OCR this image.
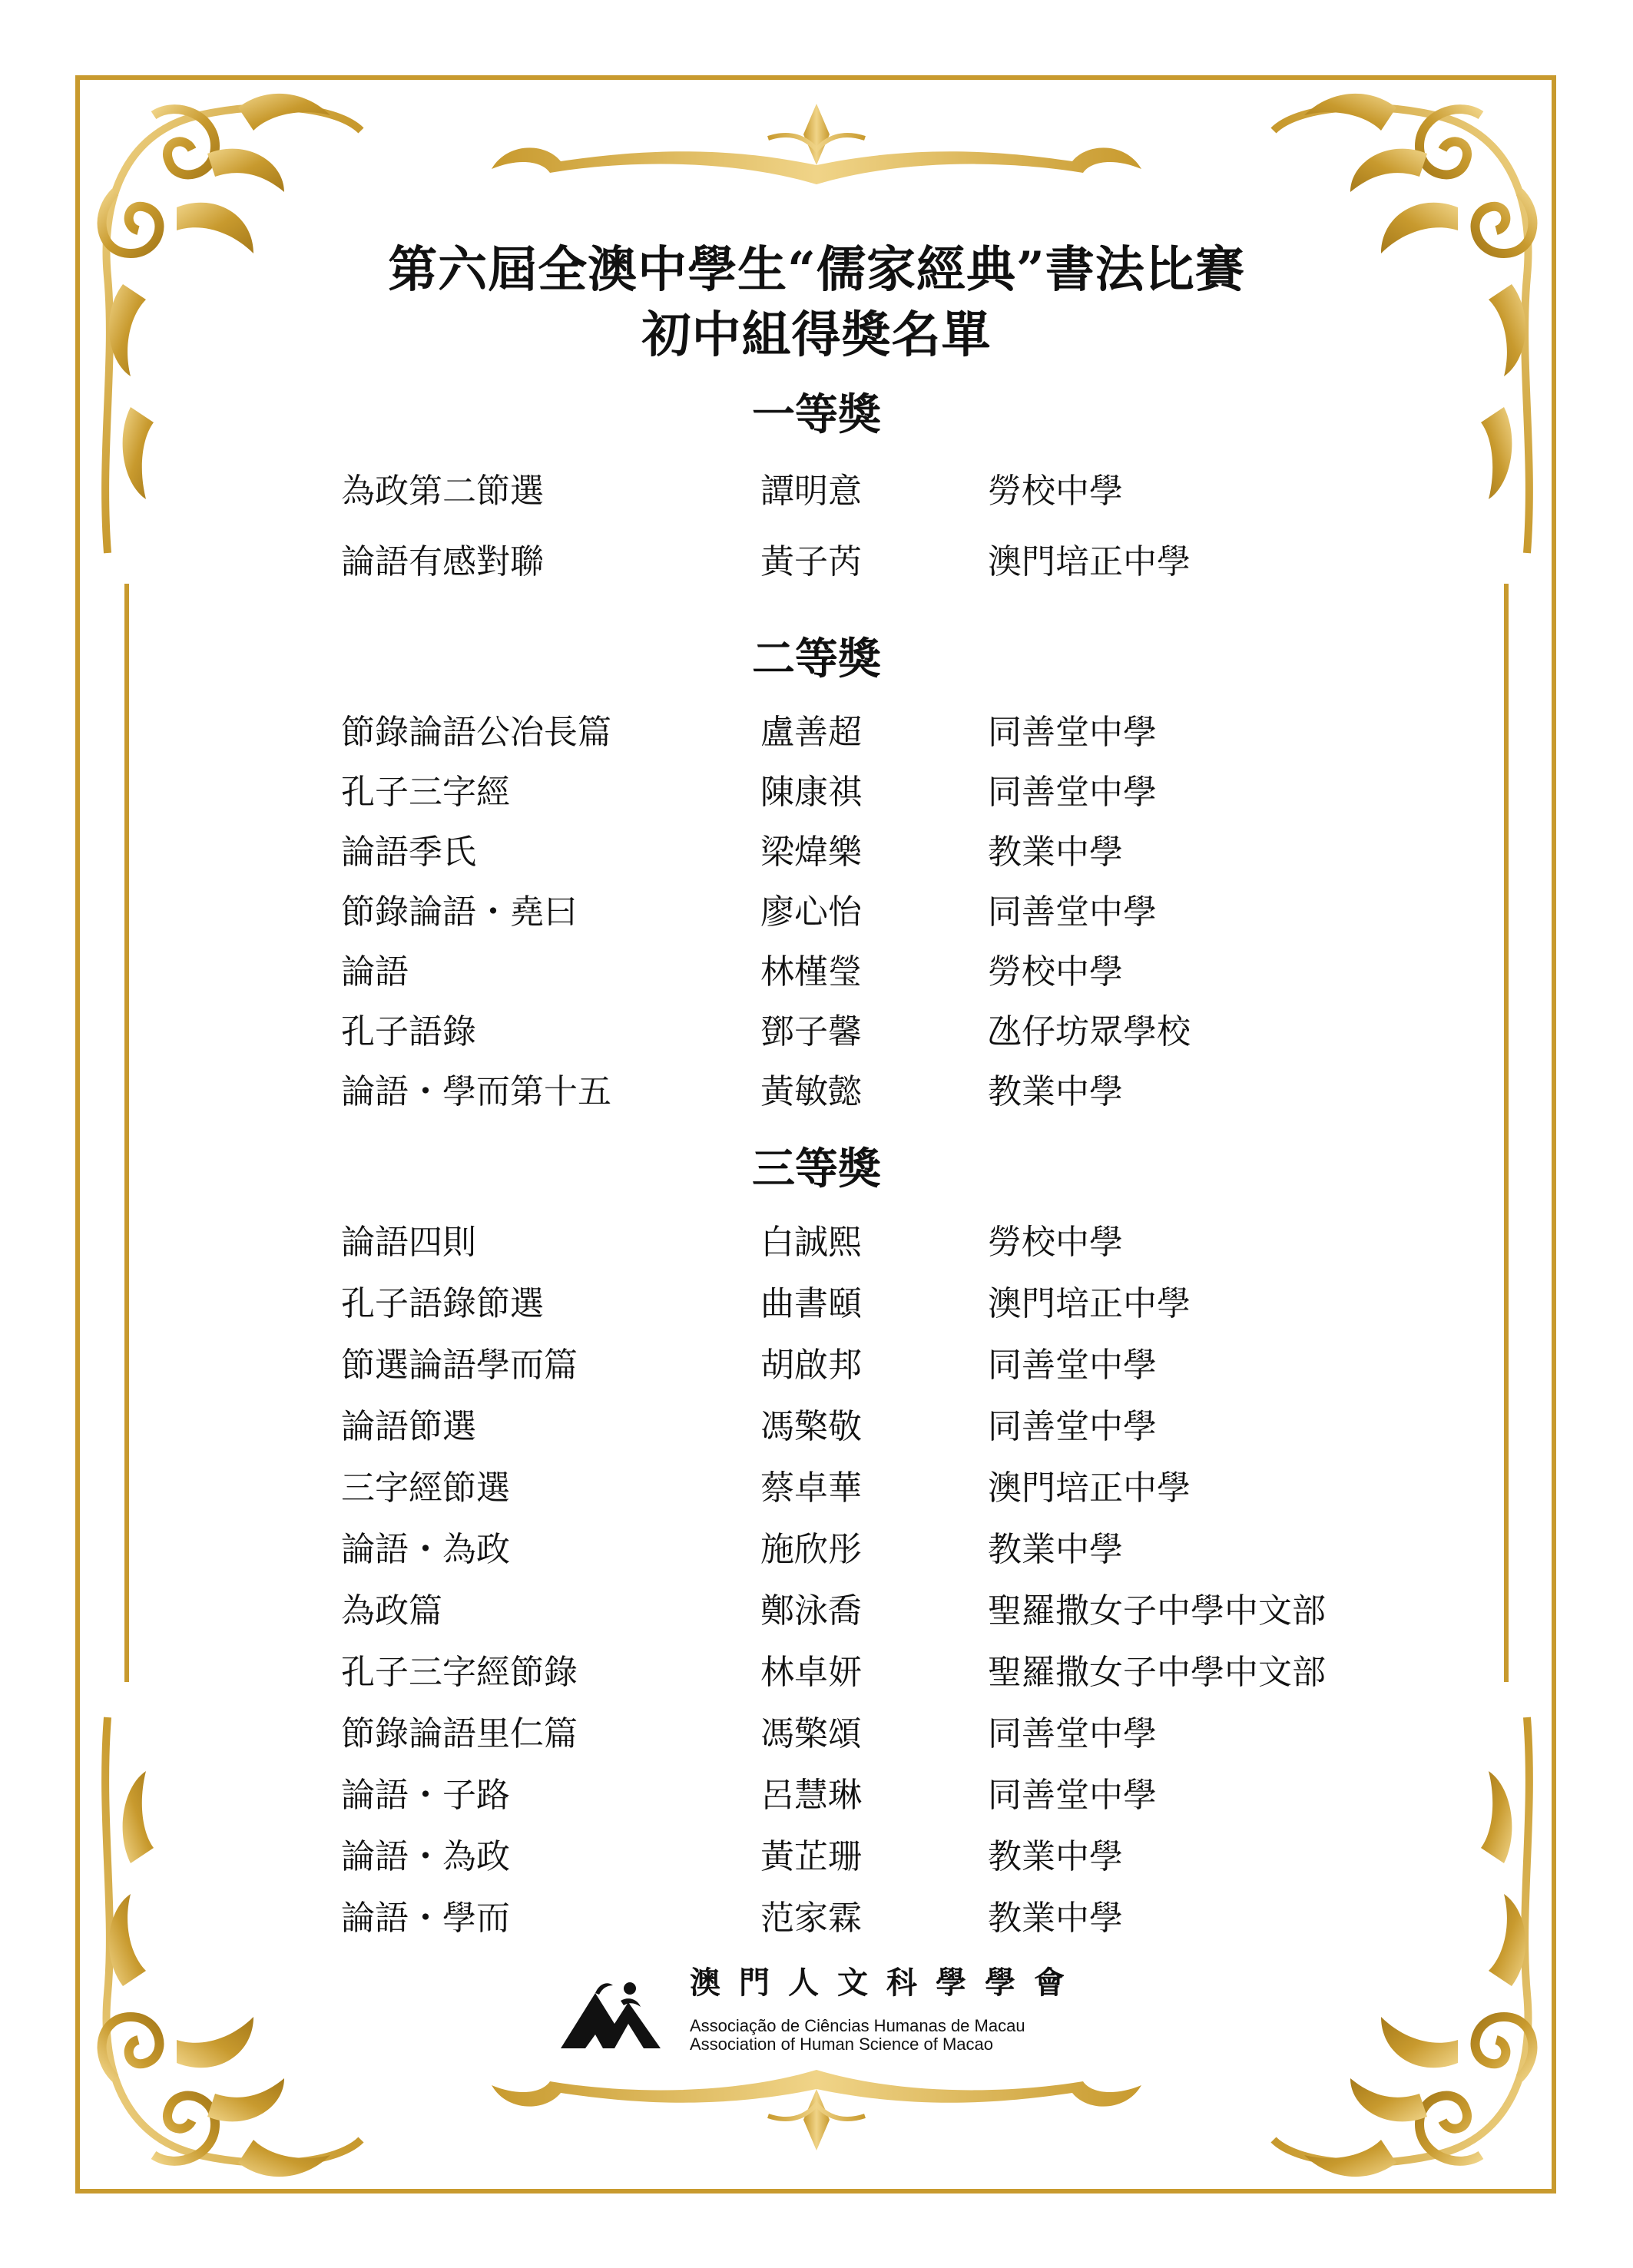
第六屆全澳中學生“儒家經典”書法比賽
初中組得獎名單
一等獎
為政第二節選	譚明意	勞校中學
論語有感對聯	黃子芮	澳門培正中學
二等獎
節錄論語公冶長篇	盧善超	同善堂中學
孔子三字經	陳康祺	同善堂中學
論語季氏	梁煒樂	教業中學
節錄論語・堯曰	廖心怡	同善堂中學
論語	林槿瑩	勞校中學
孔子語錄	鄧子馨	氹仔坊眾學校
論語・學而第十五	黃敏懿	教業中學
三等獎
論語四則	白誠熙	勞校中學
孔子語錄節選	曲書頤	澳門培正中學
節選論語學而篇	胡啟邦	同善堂中學
論語節選	馮檠敬	同善堂中學
三字經節選	蔡卓華	澳門培正中學
論語・為政	施欣彤	教業中學
為政篇	鄭泳喬	聖羅撒女子中學中文部
孔子三字經節錄	林卓妍	聖羅撒女子中學中文部
節錄論語里仁篇	馮檠頌	同善堂中學
論語・子路	呂慧琳	同善堂中學
論語・為政	黃芷珊	教業中學
論語・學而	范家霖	教業中學
澳門人文科學學會
Associação de Ciências Humanas de Macau
Association of Human Science of Macao
